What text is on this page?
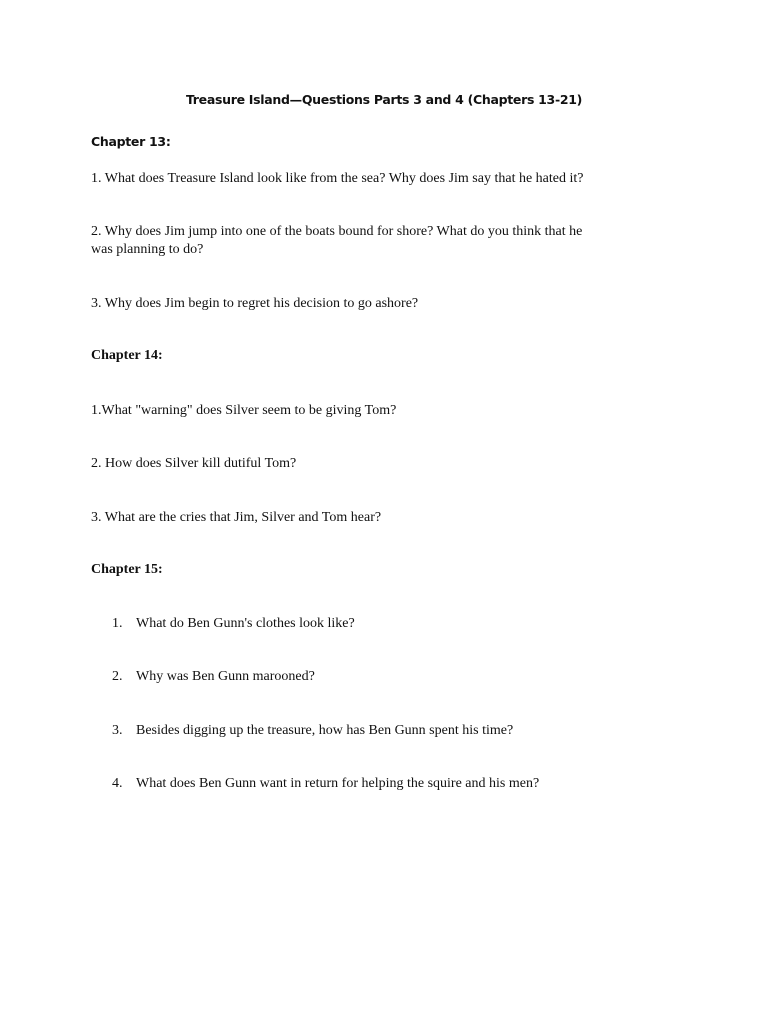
Treasure Island—Questions Parts 3 and 4 (Chapters 13-21)
Chapter 13:
1. What does Treasure Island look like from the sea? Why does Jim say that he hated it?
2. Why does Jim jump into one of the boats bound for shore? What do you think that he
was planning to do?
3. Why does Jim begin to regret his decision to go ashore?
Chapter 14:
1.What "warning" does Silver seem to be giving Tom?
2. How does Silver kill dutiful Tom?
3. What are the cries that Jim, Silver and Tom hear?
Chapter 15:
1. What do Ben Gunn's clothes look like?
2. Why was Ben Gunn marooned?
3. Besides digging up the treasure, how has Ben Gunn spent his time?
4. What does Ben Gunn want in return for helping the squire and his men?
